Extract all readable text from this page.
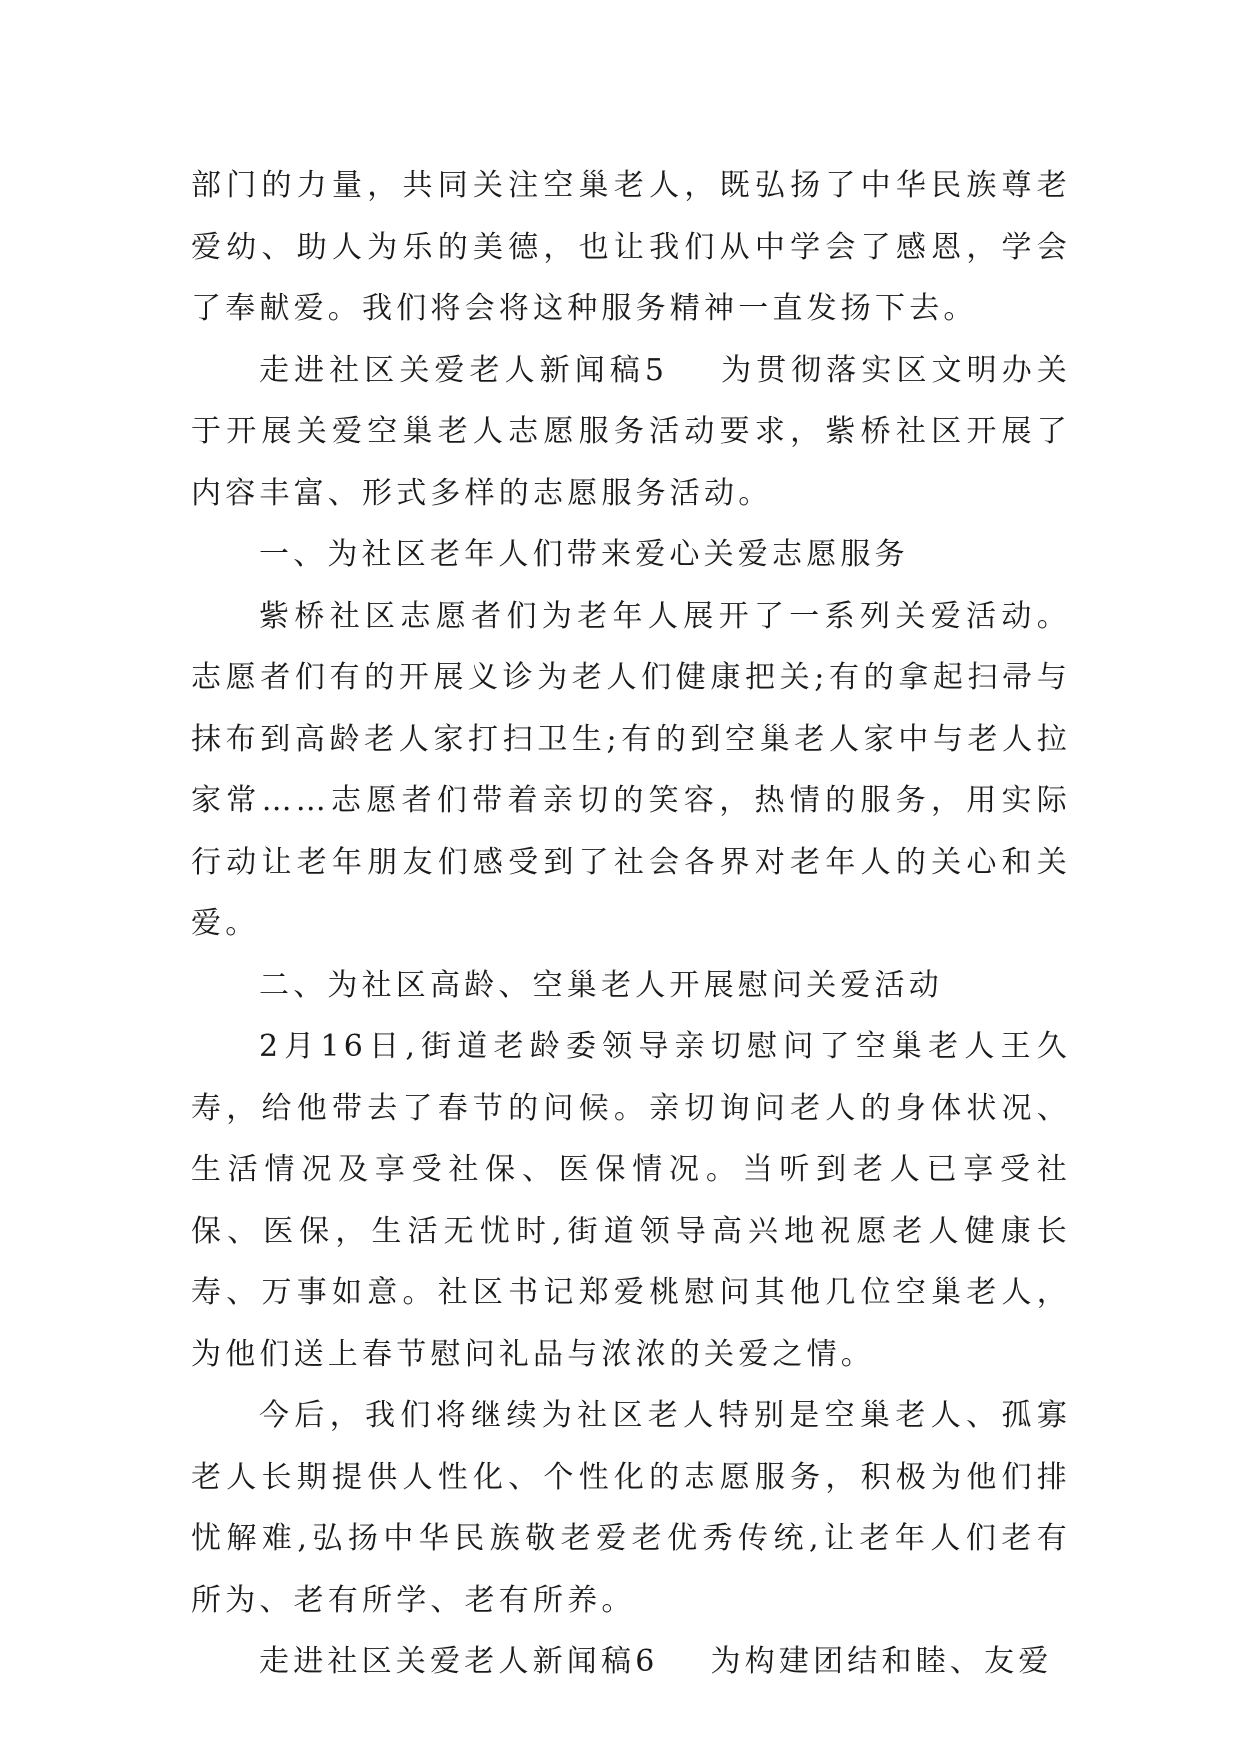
部门的力量，共同关注空巢老人，既弘扬了中华民族尊老爱幼、助人为乐的美德，也让我们从中学会了感恩，学会了奉献爱。我们将会将这种服务精神一直发扬下去。

走进社区关爱老人新闻稿5 为贯彻落实区文明办关于开展关爱空巢老人志愿服务活动要求，紫桥社区开展了内容丰富、形式多样的志愿服务活动。

一、为社区老年人们带来爱心关爱志愿服务

紫桥社区志愿者们为老年人展开了一系列关爱活动。志愿者们有的开展义诊为老人们健康把关;有的拿起扫帚与抹布到高龄老人家打扫卫生;有的到空巢老人家中与老人拉家常……志愿者们带着亲切的笑容，热情的服务，用实际行动让老年朋友们感受到了社会各界对老年人的关心和关爱。

二、为社区高龄、空巢老人开展慰问关爱活动

2月16日,街道老龄委领导亲切慰问了空巢老人王久寿，给他带去了春节的问候。亲切询问老人的身体状况、生活情况及享受社保、医保情况。当听到老人已享受社保、医保，生活无忧时,街道领导高兴地祝愿老人健康长寿、万事如意。社区书记郑爱桃慰问其他几位空巢老人，为他们送上春节慰问礼品与浓浓的关爱之情。

今后，我们将继续为社区老人特别是空巢老人、孤寡老人长期提供人性化、个性化的志愿服务，积极为他们排忧解难,弘扬中华民族敬老爱老优秀传统,让老年人们老有所为、老有所学、老有所养。

走进社区关爱老人新闻稿6 为构建团结和睦、友爱
